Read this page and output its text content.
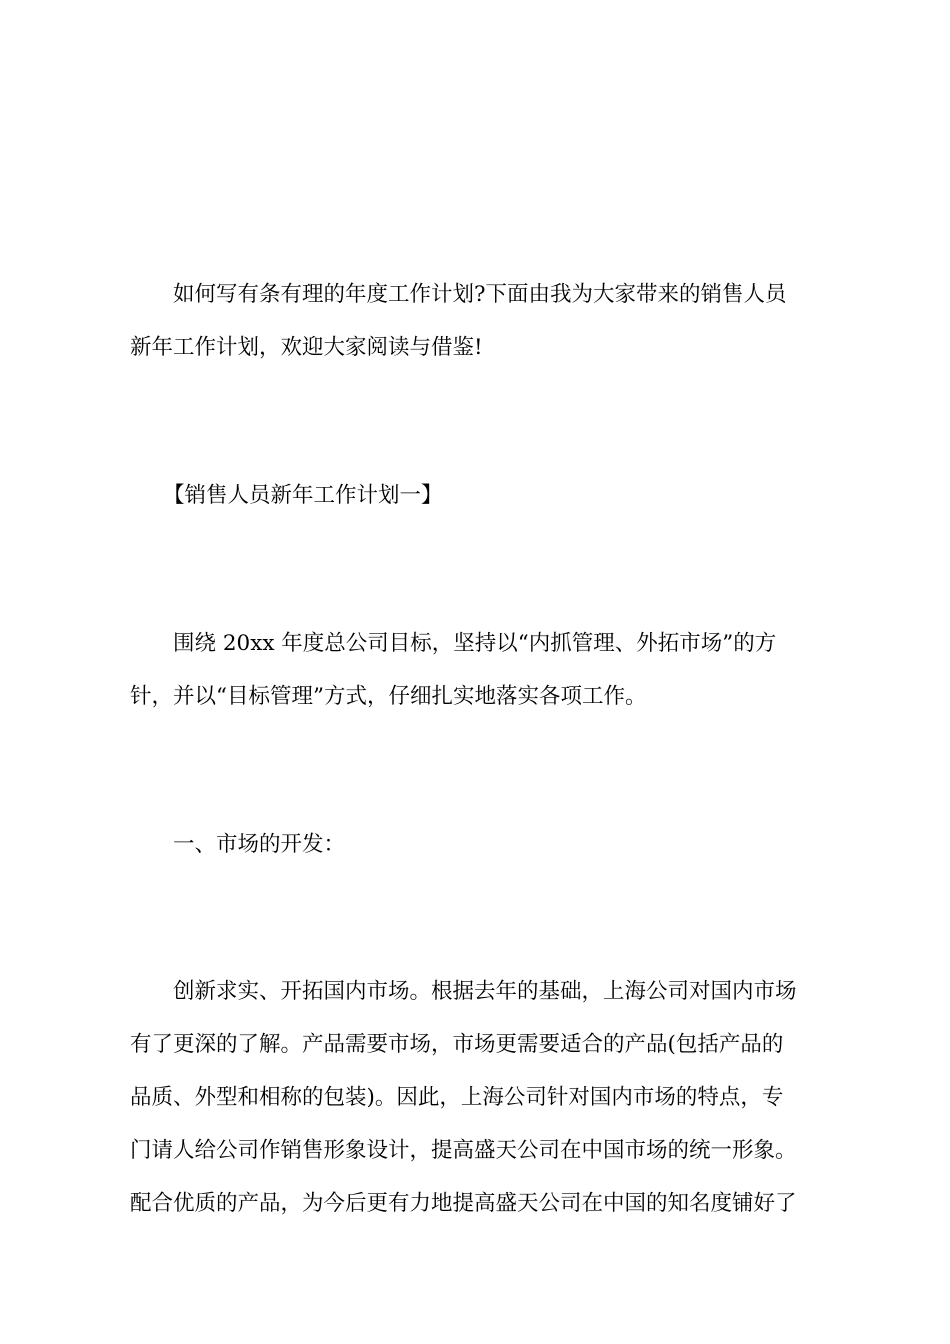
如何写有条有理的年度工作计划?下面由我为大家带来的销售人员
新年工作计划，欢迎大家阅读与借鉴!
【销售人员新年工作计划一】
围绕 20xx 年度总公司目标，坚持以“内抓管理、外拓市场”的方
针，并以“目标管理”方式，仔细扎实地落实各项工作。
一、市场的开发：
创新求实、开拓国内市场。根据去年的基础，上海公司对国内市场
有了更深的了解。产品需要市场，市场更需要适合的产品(包括产品的
品质、外型和相称的包装)。因此，上海公司针对国内市场的特点，专
门请人给公司作销售形象设计，提高盛天公司在中国市场的统一形象。
配合优质的产品，为今后更有力地提高盛天公司在中国的知名度铺好了
